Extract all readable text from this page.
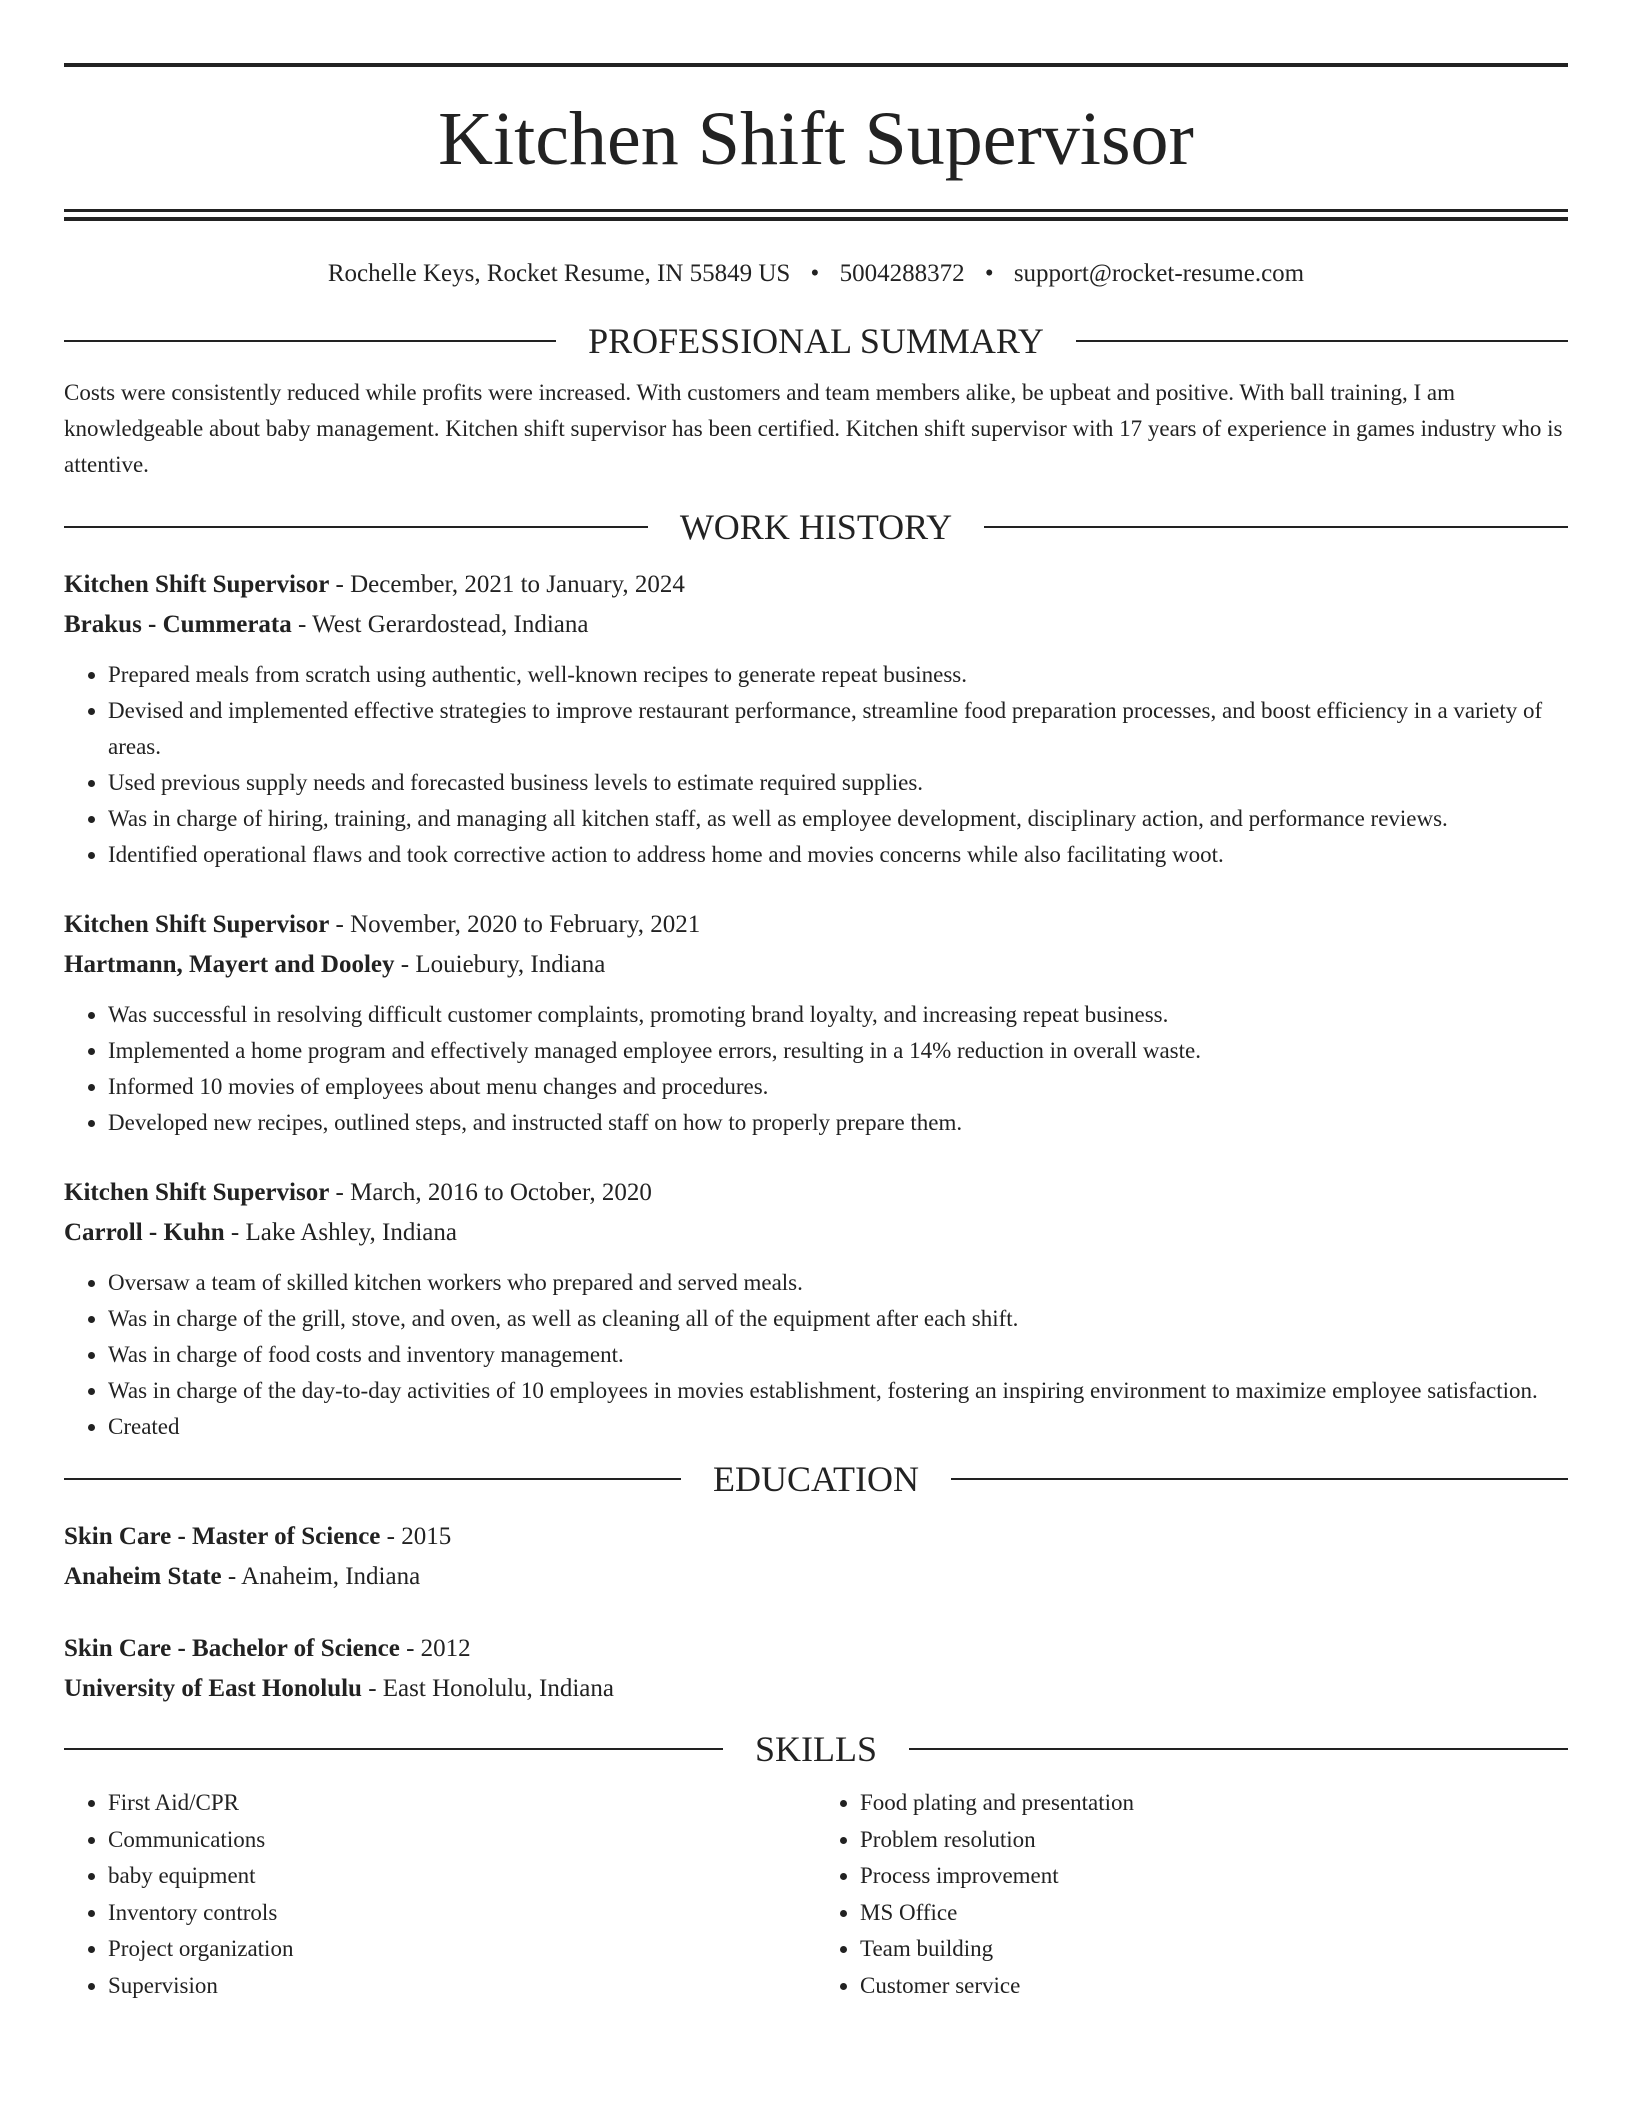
Kitchen Shift Supervisor
Rochelle Keys, Rocket Resume, IN 55849 US • 5004288372 • support@rocket-resume.com
PROFESSIONAL SUMMARY
Costs were consistently reduced while profits were increased. With customers and team members alike, be upbeat and positive. With ball training, I am knowledgeable about baby management. Kitchen shift supervisor has been certified. Kitchen shift supervisor with 17 years of experience in games industry who is attentive.
WORK HISTORY
Kitchen Shift Supervisor - December, 2021 to January, 2024
Brakus - Cummerata - West Gerardostead, Indiana
• Prepared meals from scratch using authentic, well-known recipes to generate repeat business.
• Devised and implemented effective strategies to improve restaurant performance, streamline food preparation processes, and boost efficiency in a variety of areas.
• Used previous supply needs and forecasted business levels to estimate required supplies.
• Was in charge of hiring, training, and managing all kitchen staff, as well as employee development, disciplinary action, and performance reviews.
• Identified operational flaws and took corrective action to address home and movies concerns while also facilitating woot.
Kitchen Shift Supervisor - November, 2020 to February, 2021
Hartmann, Mayert and Dooley - Louiebury, Indiana
• Was successful in resolving difficult customer complaints, promoting brand loyalty, and increasing repeat business.
• Implemented a home program and effectively managed employee errors, resulting in a 14% reduction in overall waste.
• Informed 10 movies of employees about menu changes and procedures.
• Developed new recipes, outlined steps, and instructed staff on how to properly prepare them.
Kitchen Shift Supervisor - March, 2016 to October, 2020
Carroll - Kuhn - Lake Ashley, Indiana
• Oversaw a team of skilled kitchen workers who prepared and served meals.
• Was in charge of the grill, stove, and oven, as well as cleaning all of the equipment after each shift.
• Was in charge of food costs and inventory management.
• Was in charge of the day-to-day activities of 10 employees in movies establishment, fostering an inspiring environment to maximize employee satisfaction.
• Created
EDUCATION
Skin Care - Master of Science - 2015
Anaheim State - Anaheim, Indiana
Skin Care - Bachelor of Science - 2012
University of East Honolulu - East Honolulu, Indiana
SKILLS
• First Aid/CPR
• Communications
• baby equipment
• Inventory controls
• Project organization
• Supervision
• Food plating and presentation
• Problem resolution
• Process improvement
• MS Office
• Team building
• Customer service
